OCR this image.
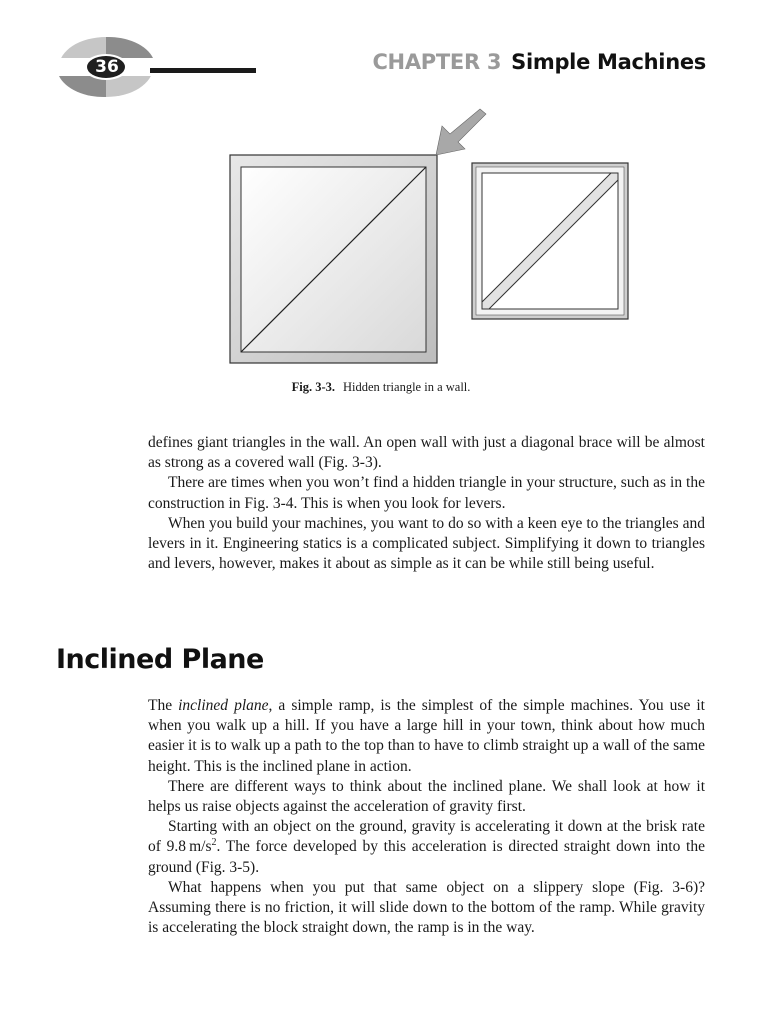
36	CHAPTER 3 Simple Machines
Fig. 3-3. Hidden triangle in a wall.

defines giant triangles in the wall. An open wall with just a diagonal brace will be almost as strong as a covered wall (Fig. 3-3).

There are times when you won’t find a hidden triangle in your structure, such as in the construction in Fig. 3-4. This is when you look for levers.

When you build your machines, you want to do so with a keen eye to the triangles and levers in it. Engineering statics is a complicated subject. Simplifying it down to triangles and levers, however, makes it about as simple as it can be while still being useful.

Inclined Plane

The inclined plane, a simple ramp, is the simplest of the simple machines. You use it when you walk up a hill. If you have a large hill in your town, think about how much easier it is to walk up a path to the top than to have to climb straight up a wall of the same height. This is the inclined plane in action.

There are different ways to think about the inclined plane. We shall look at how it helps us raise objects against the acceleration of gravity first.

Starting with an object on the ground, gravity is accelerating it down at the brisk rate of 9.8 $m/s^2$. The force developed by this acceleration is directed straight down into the ground (Fig. 3-5).

What happens when you put that same object on a slippery slope (Fig. 3-6)? Assuming there is no friction, it will slide down to the bottom of the ramp. While gravity is accelerating the block straight down, the ramp is in the way.
